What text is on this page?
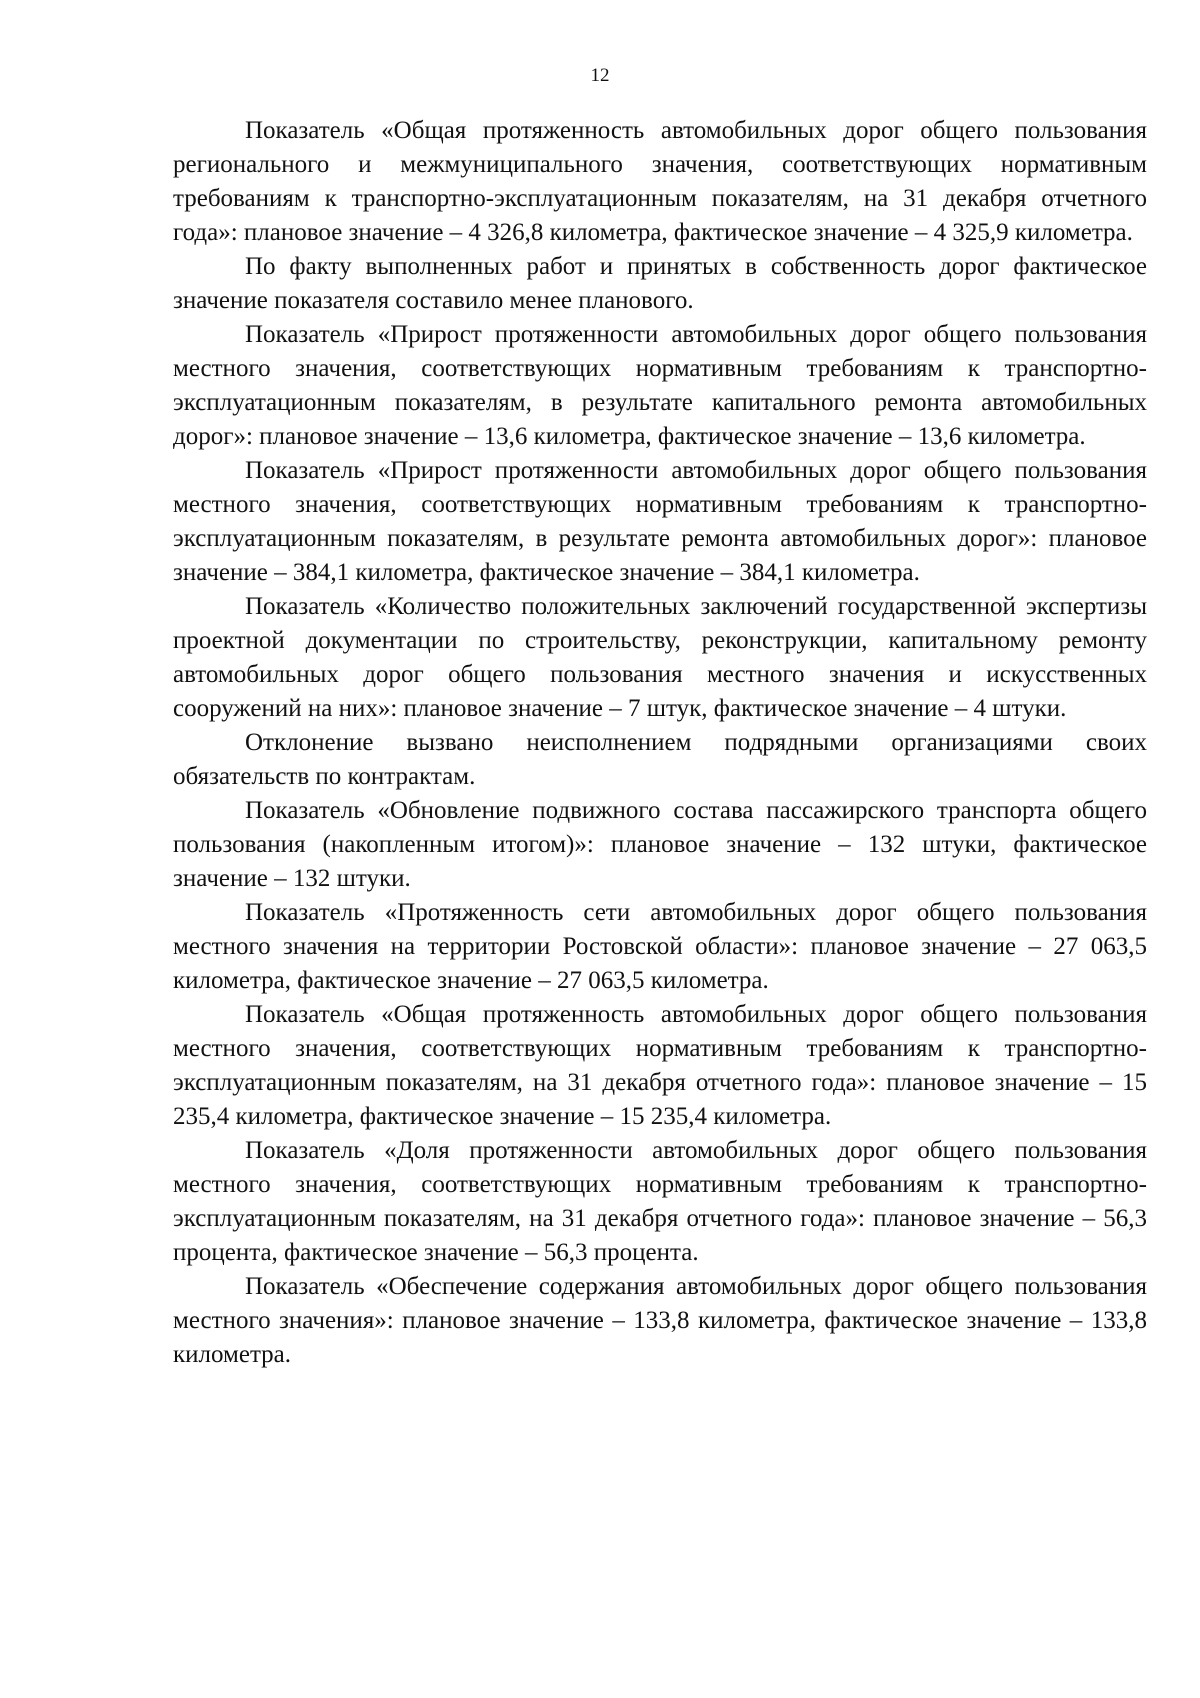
12

Показатель «Общая протяженность автомобильных дорог общего пользования регионального и межмуниципального значения, соответствующих нормативным требованиям к транспортно-эксплуатационным показателям, на 31 декабря отчетного года»: плановое значение – 4 326,8 километра, фактическое значение – 4 325,9 километра.

По факту выполненных работ и принятых в собственность дорог фактическое значение показателя составило менее планового.

Показатель «Прирост протяженности автомобильных дорог общего пользования местного значения, соответствующих нормативным требованиям к транспортно-эксплуатационным показателям, в результате капитального ремонта автомобильных дорог»: плановое значение – 13,6 километра, фактическое значение – 13,6 километра.

Показатель «Прирост протяженности автомобильных дорог общего пользования местного значения, соответствующих нормативным требованиям к транспортно-эксплуатационным показателям, в результате ремонта автомобильных дорог»: плановое значение – 384,1 километра, фактическое значение – 384,1 километра.

Показатель «Количество положительных заключений государственной экспертизы проектной документации по строительству, реконструкции, капитальному ремонту автомобильных дорог общего пользования местного значения и искусственных сооружений на них»: плановое значение – 7 штук, фактическое значение – 4 штуки.

Отклонение вызвано неисполнением подрядными организациями своих обязательств по контрактам.

Показатель «Обновление подвижного состава пассажирского транспорта общего пользования (накопленным итогом)»: плановое значение – 132 штуки, фактическое значение – 132 штуки.

Показатель «Протяженность сети автомобильных дорог общего пользования местного значения на территории Ростовской области»: плановое значение – 27 063,5 километра, фактическое значение – 27 063,5 километра.

Показатель «Общая протяженность автомобильных дорог общего пользования местного значения, соответствующих нормативным требованиям к транспортно-эксплуатационным показателям, на 31 декабря отчетного года»: плановое значение – 15 235,4 километра, фактическое значение – 15 235,4 километра.

Показатель «Доля протяженности автомобильных дорог общего пользования местного значения, соответствующих нормативным требованиям к транспортно-эксплуатационным показателям, на 31 декабря отчетного года»: плановое значение – 56,3 процента, фактическое значение – 56,3 процента.

Показатель «Обеспечение содержания автомобильных дорог общего пользования местного значения»: плановое значение – 133,8 километра, фактическое значение – 133,8 километра.
